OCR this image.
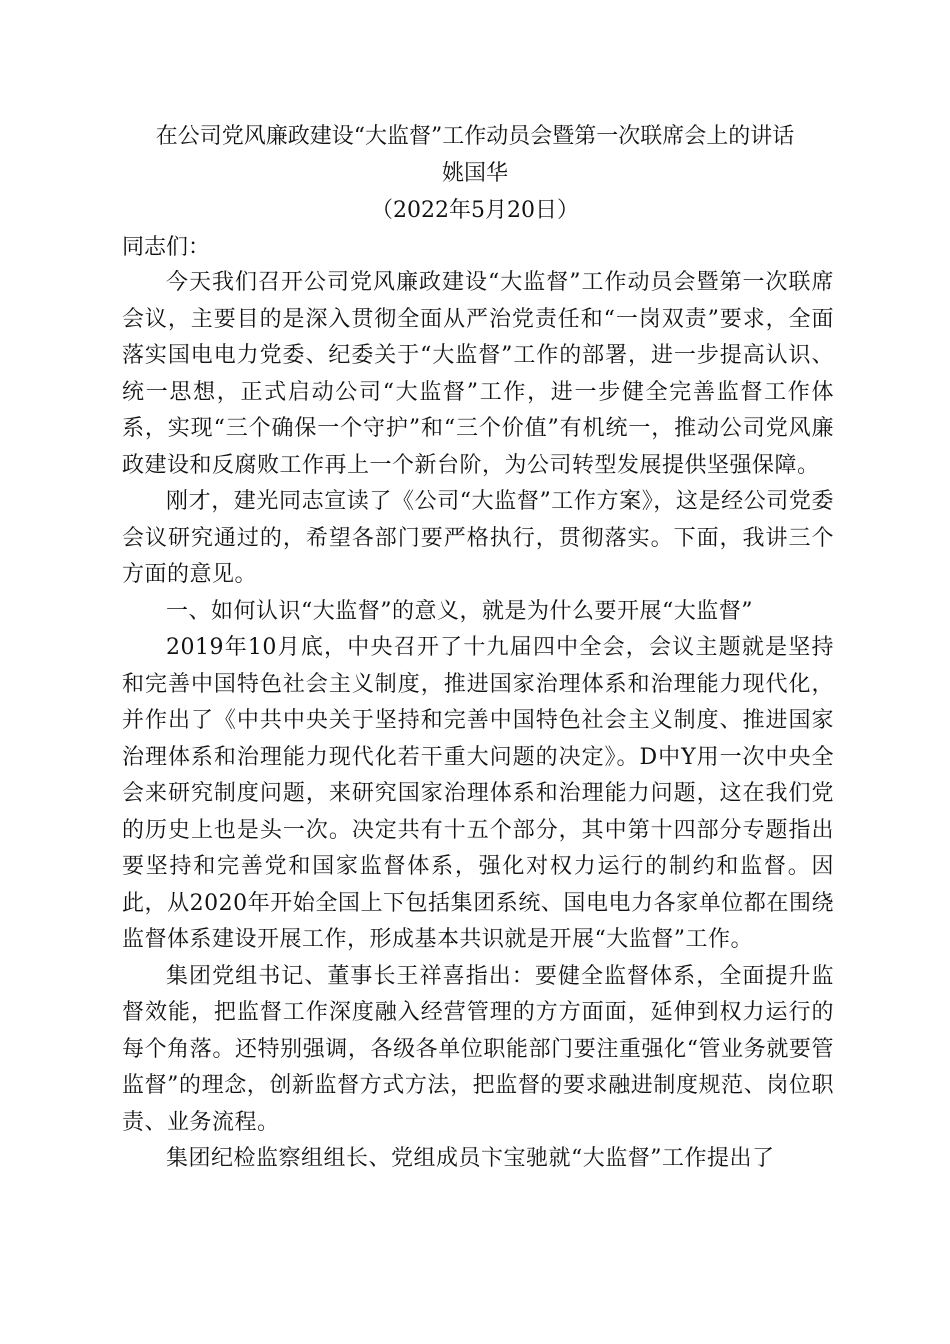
在公司党风廉政建设“大监督”工作动员会暨第一次联席会上的讲话
姚国华
（2022年5月20日）
同志们：

今天我们召开公司党风廉政建设“大监督”工作动员会暨第一次联席会议，主要目的是深入贯彻全面从严治党责任和“一岗双责”要求，全面落实国电电力党委、纪委关于“大监督”工作的部署，进一步提高认识、统一思想，正式启动公司“大监督”工作，进一步健全完善监督工作体系，实现“三个确保一个守护”和“三个价值”有机统一，推动公司党风廉政建设和反腐败工作再上一个新台阶，为公司转型发展提供坚强保障。

刚才，建光同志宣读了《公司“大监督”工作方案》，这是经公司党委会议研究通过的，希望各部门要严格执行，贯彻落实。下面，我讲三个方面的意见。

一、如何认识“大监督”的意义，就是为什么要开展“大监督”

2019年10月底，中央召开了十九届四中全会，会议主题就是坚持和完善中国特色社会主义制度，推进国家治理体系和治理能力现代化，并作出了《中共中央关于坚持和完善中国特色社会主义制度、推进国家治理体系和治理能力现代化若干重大问题的决定》。D中Y用一次中央全会来研究制度问题，来研究国家治理体系和治理能力问题，这在我们党的历史上也是头一次。决定共有十五个部分，其中第十四部分专题指出要坚持和完善党和国家监督体系，强化对权力运行的制约和监督。因此，从2020年开始全国上下包括集团系统、国电电力各家单位都在围绕监督体系建设开展工作，形成基本共识就是开展“大监督”工作。

集团党组书记、董事长王祥喜指出：要健全监督体系，全面提升监督效能，把监督工作深度融入经营管理的方方面面，延伸到权力运行的每个角落。还特别强调，各级各单位职能部门要注重强化“管业务就要管监督”的理念，创新监督方式方法，把监督的要求融进制度规范、岗位职责、业务流程。

集团纪检监察组组长、党组成员卞宝驰就“大监督”工作提出了
